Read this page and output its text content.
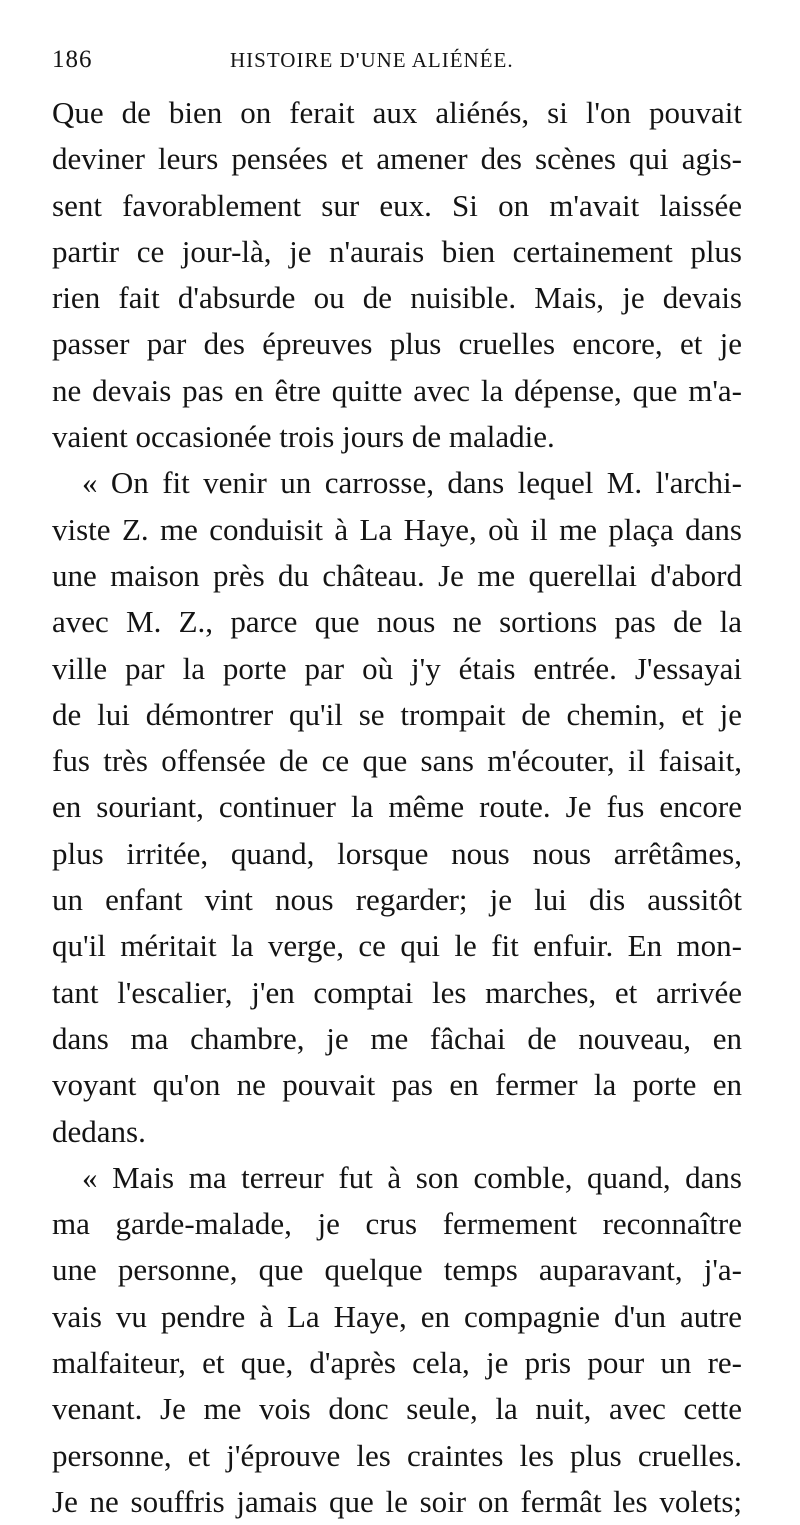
186	HISTOIRE D'UNE ALIÉNÉE.
Que de bien on ferait aux aliénés, si l'on pouvait
deviner leurs pensées et amener des scènes qui agis-
sent favorablement sur eux. Si on m'avait laissée
partir ce jour-là, je n'aurais bien certainement plus
rien fait d'absurde ou de nuisible. Mais, je devais
passer par des épreuves plus cruelles encore, et je
ne devais pas en être quitte avec la dépense, que m'a-
vaient occasionée trois jours de maladie.
« On fit venir un carrosse, dans lequel M. l'archi-
viste Z. me conduisit à La Haye, où il me plaça dans
une maison près du château. Je me querellai d'abord
avec M. Z., parce que nous ne sortions pas de la
ville par la porte par où j'y étais entrée. J'essayai
de lui démontrer qu'il se trompait de chemin, et je
fus très offensée de ce que sans m'écouter, il faisait,
en souriant, continuer la même route. Je fus encore
plus irritée, quand, lorsque nous nous arrêtâmes,
un enfant vint nous regarder; je lui dis aussitôt
qu'il méritait la verge, ce qui le fit enfuir. En mon-
tant l'escalier, j'en comptai les marches, et arrivée
dans ma chambre, je me fâchai de nouveau, en
voyant qu'on ne pouvait pas en fermer la porte en
dedans.
« Mais ma terreur fut à son comble, quand, dans
ma garde-malade, je crus fermement reconnaître
une personne, que quelque temps auparavant, j'a-
vais vu pendre à La Haye, en compagnie d'un autre
malfaiteur, et que, d'après cela, je pris pour un re-
venant. Je me vois donc seule, la nuit, avec cette
personne, et j'éprouve les craintes les plus cruelles.
Je ne souffris jamais que le soir on fermât les volets;
